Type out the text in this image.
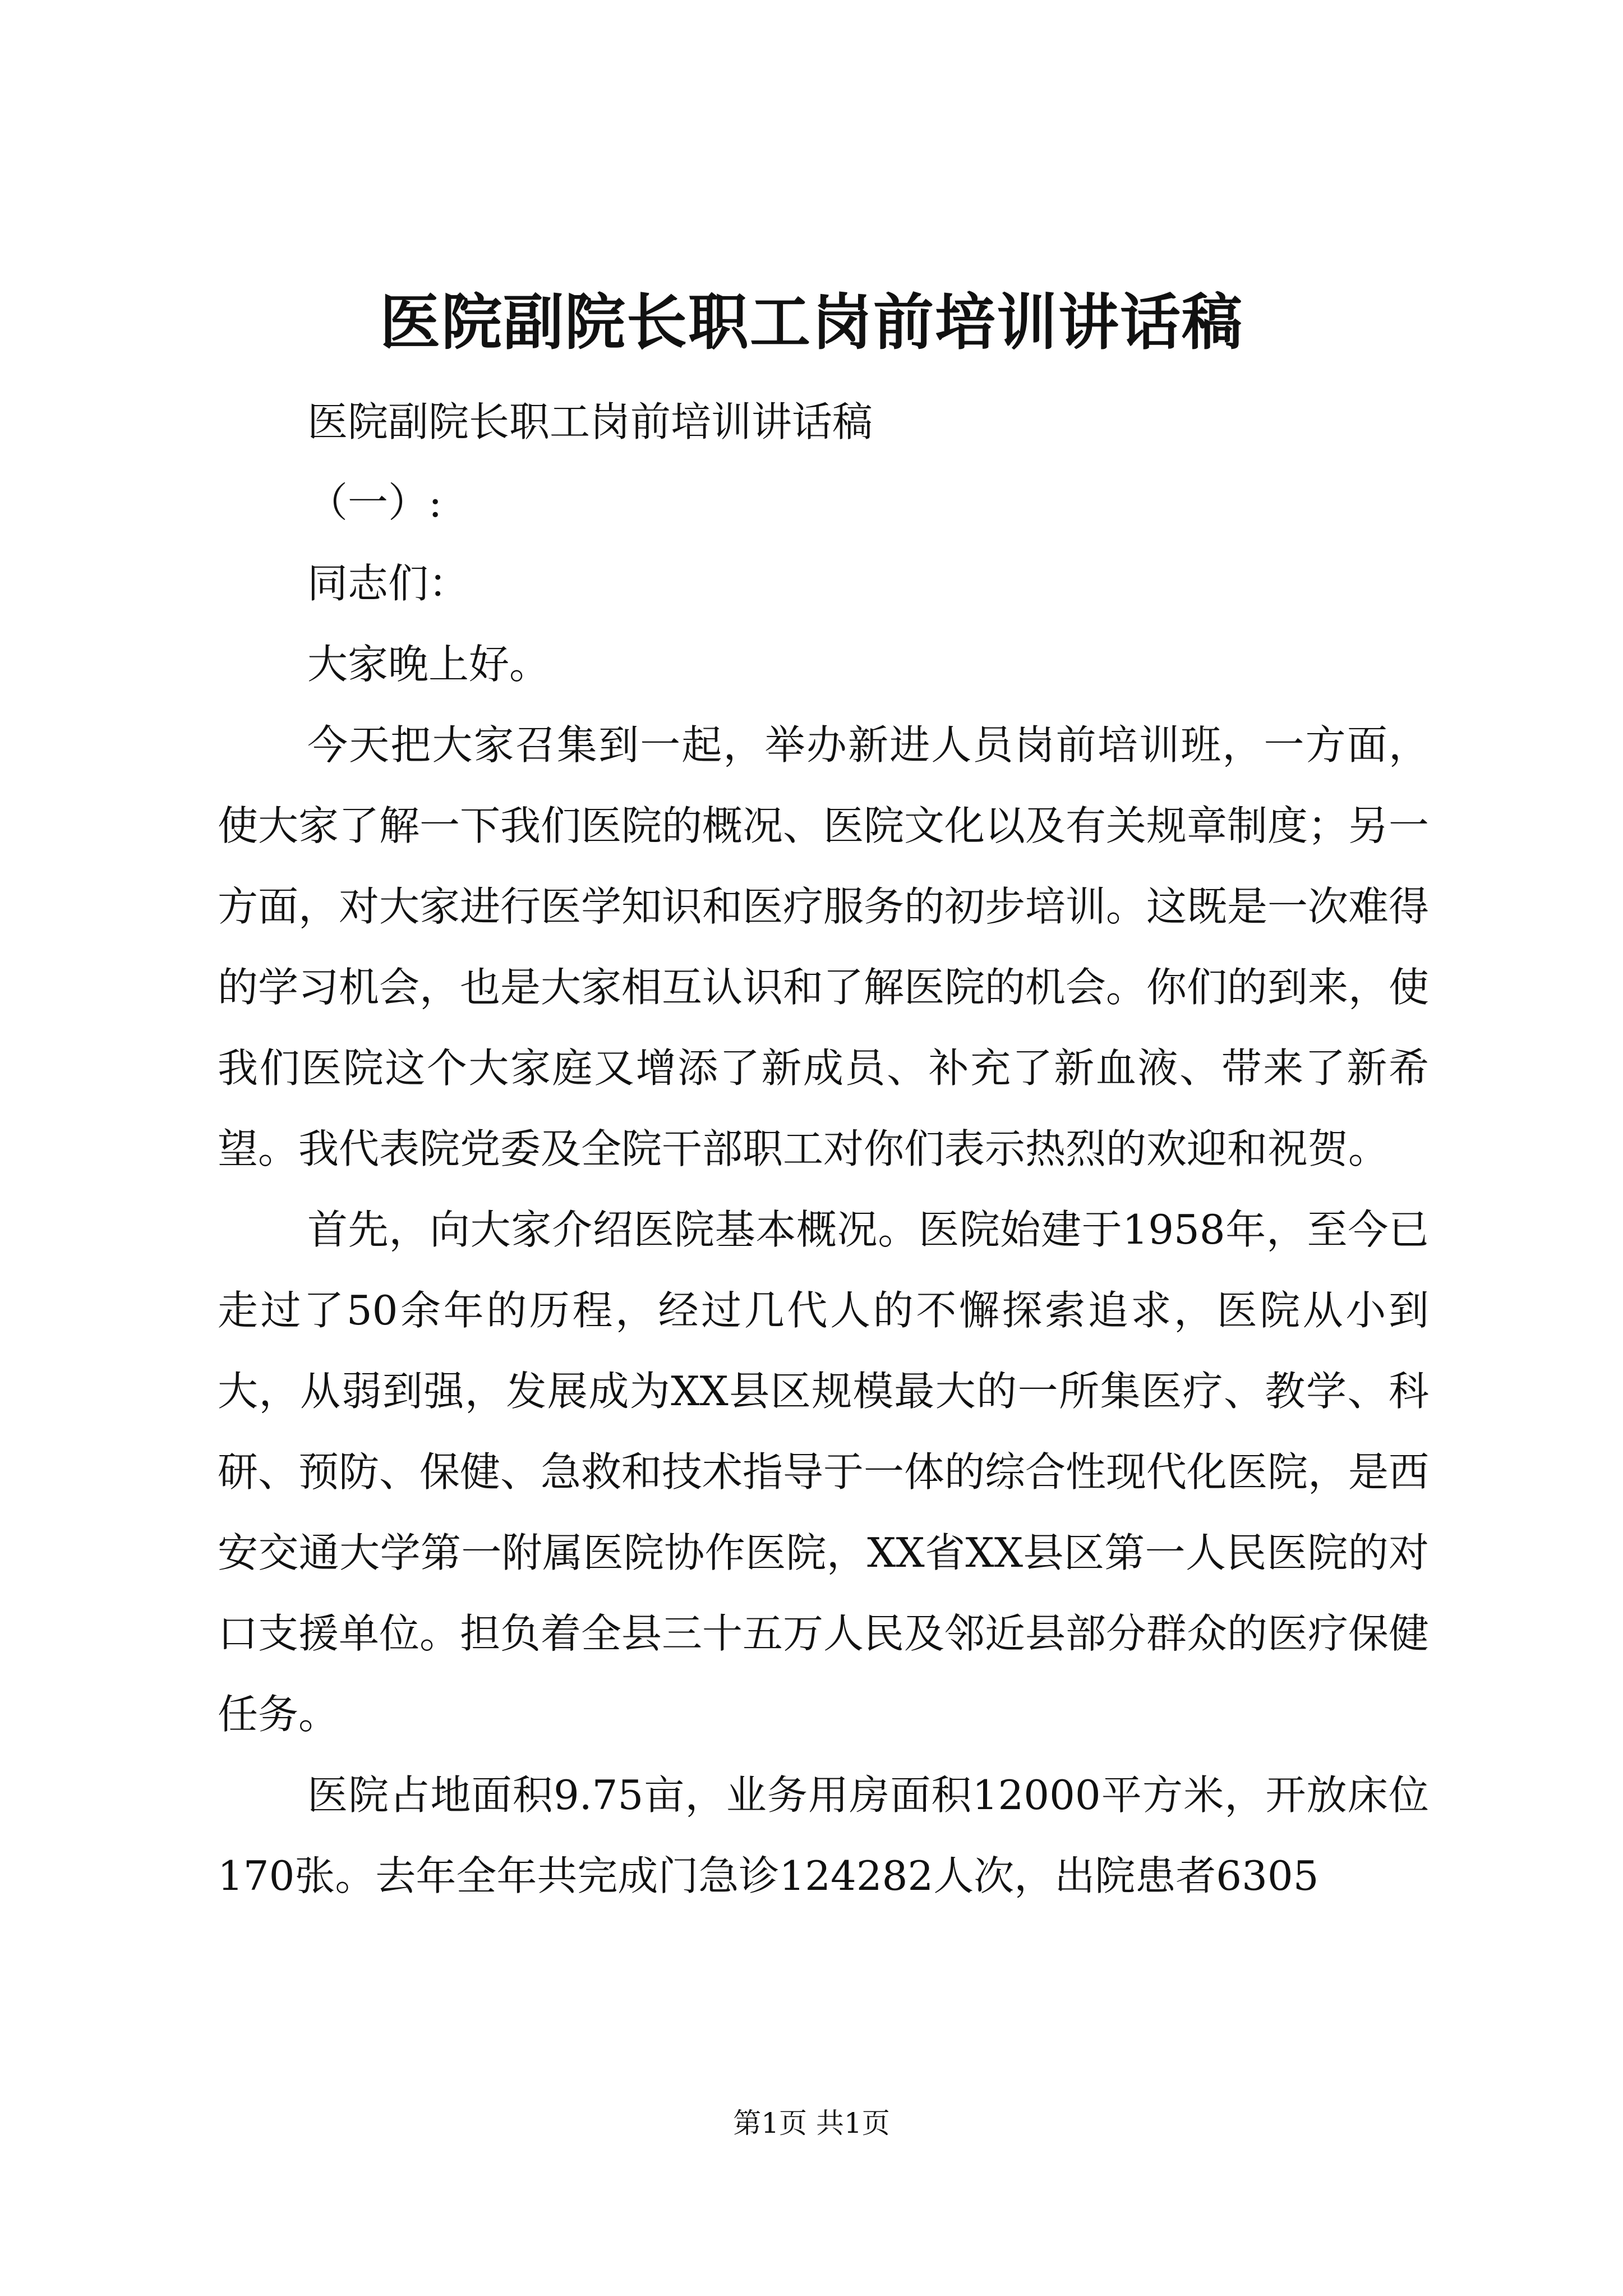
医院副院长职工岗前培训讲话稿

医院副院长职工岗前培训讲话稿

（一）:

同志们：

大家晚上好。

今天把大家召集到一起，举办新进人员岗前培训班，一方面，使大家了解一下我们医院的概况、医院文化以及有关规章制度；另一方面，对大家进行医学知识和医疗服务的初步培训。这既是一次难得的学习机会，也是大家相互认识和了解医院的机会。你们的到来，使我们医院这个大家庭又增添了新成员、补充了新血液、带来了新希望。我代表院党委及全院干部职工对你们表示热烈的欢迎和祝贺。

首先，向大家介绍医院基本概况。医院始建于1958年，至今已走过了50余年的历程，经过几代人的不懈探索追求，医院从小到大，从弱到强，发展成为XX县区规模最大的一所集医疗、教学、科研、预防、保健、急救和技术指导于一体的综合性现代化医院，是西安交通大学第一附属医院协作医院，XX省XX县区第一人民医院的对口支援单位。担负着全县三十五万人民及邻近县部分群众的医疗保健任务。

医院占地面积9.75亩，业务用房面积12000平方米，开放床位170张。去年全年共完成门急诊124282人次，出院患者6305

第1页 共1页
